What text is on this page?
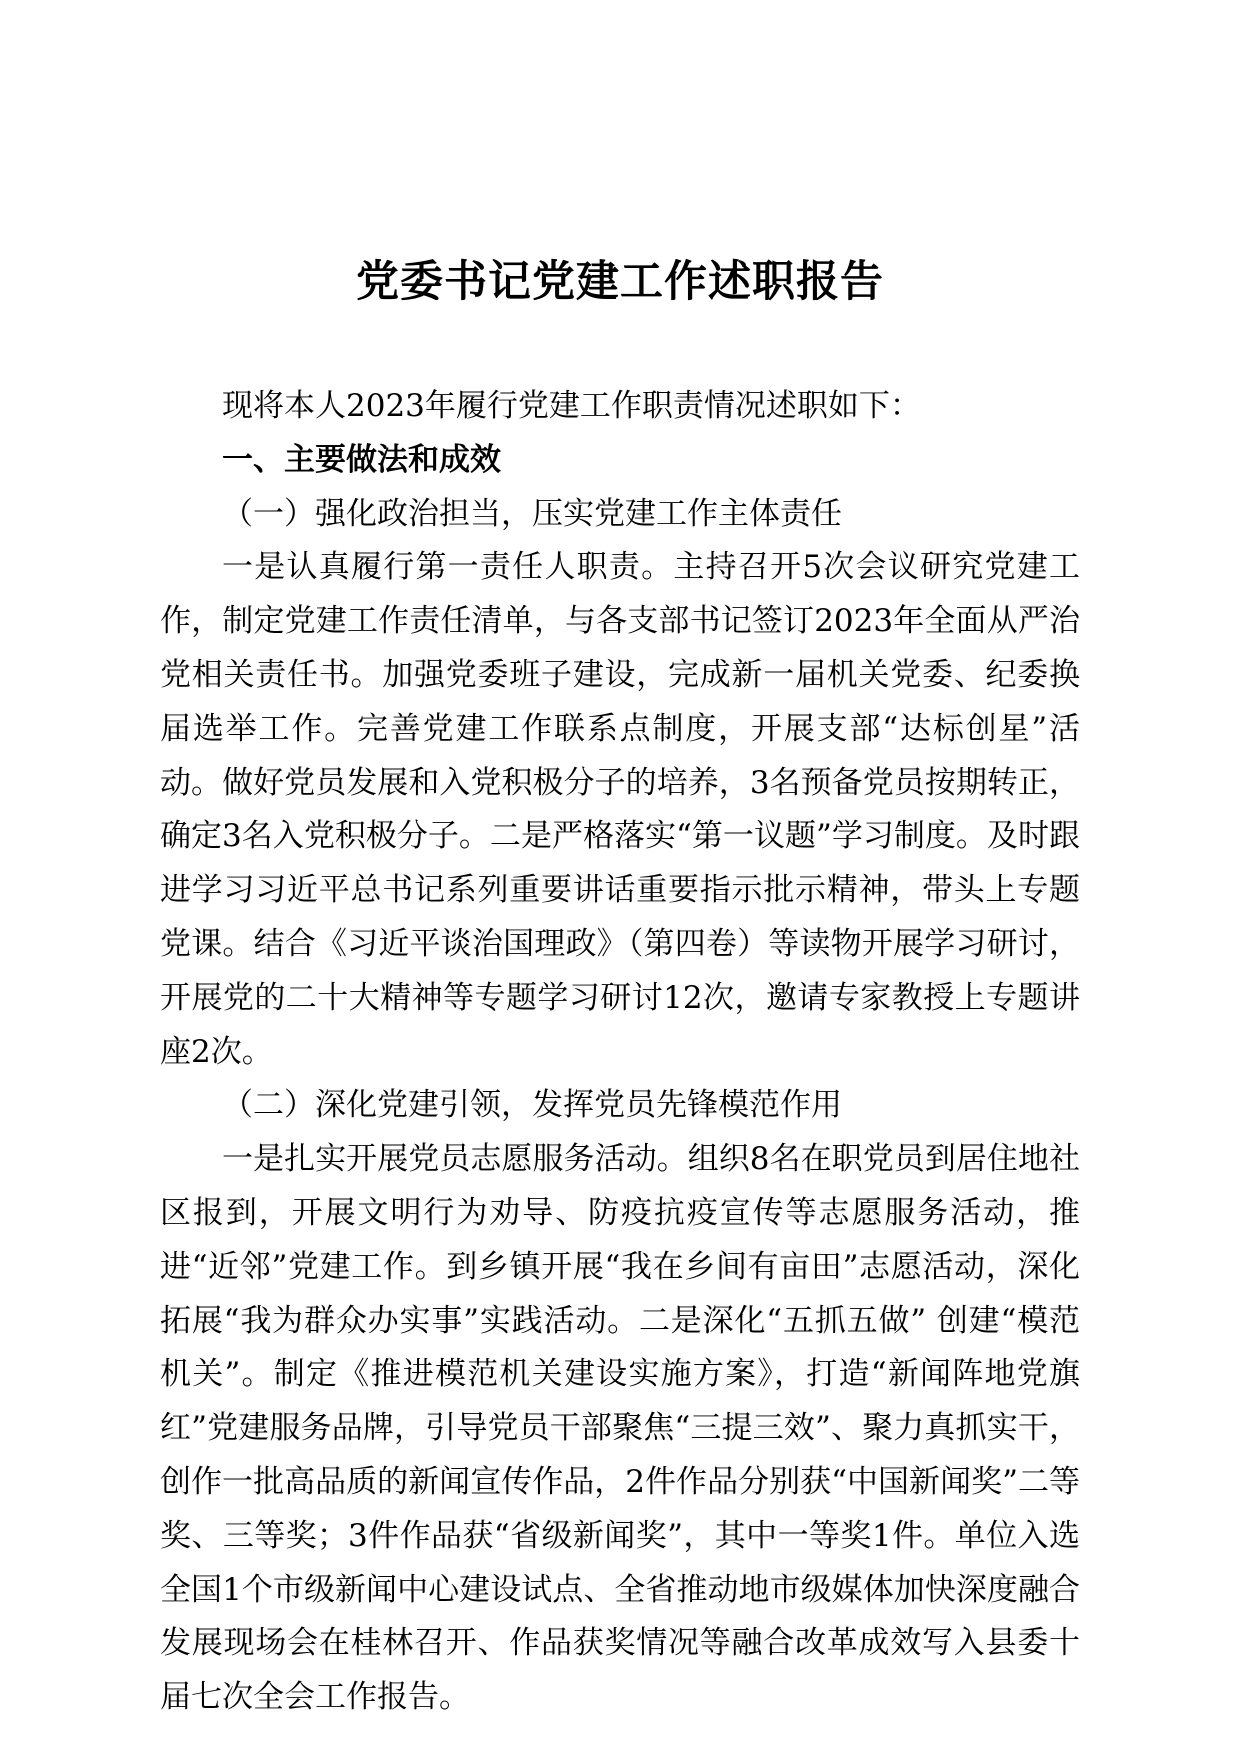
党委书记党建工作述职报告

现将本人2023年履行党建工作职责情况述职如下：

一、主要做法和成效

（一）强化政治担当，压实党建工作主体责任

一是认真履行第一责任人职责。主持召开5次会议研究党建工作，制定党建工作责任清单，与各支部书记签订2023年全面从严治党相关责任书。加强党委班子建设，完成新一届机关党委、纪委换届选举工作。完善党建工作联系点制度，开展支部“达标创星”活动。做好党员发展和入党积极分子的培养，3名预备党员按期转正，确定3名入党积极分子。二是严格落实“第一议题”学习制度。及时跟进学习习近平总书记系列重要讲话重要指示批示精神，带头上专题党课。结合《习近平谈治国理政》（第四卷）等读物开展学习研讨，开展党的二十大精神等专题学习研讨12次，邀请专家教授上专题讲座2次。

（二）深化党建引领，发挥党员先锋模范作用

一是扎实开展党员志愿服务活动。组织8名在职党员到居住地社区报到，开展文明行为劝导、防疫抗疫宣传等志愿服务活动，推进“近邻”党建工作。到乡镇开展“我在乡间有亩田”志愿活动，深化拓展“我为群众办实事”实践活动。二是深化“五抓五做” 创建“模范机关”。制定《推进模范机关建设实施方案》，打造“新闻阵地党旗红”党建服务品牌，引导党员干部聚焦“三提三效”、聚力真抓实干，创作一批高品质的新闻宣传作品，2件作品分别获“中国新闻奖”二等奖、三等奖；3件作品获“省级新闻奖”，其中一等奖1件。单位入选全国1个市级新闻中心建设试点、全省推动地市级媒体加快深度融合发展现场会在桂林召开、作品获奖情况等融合改革成效写入县委十届七次全会工作报告。
